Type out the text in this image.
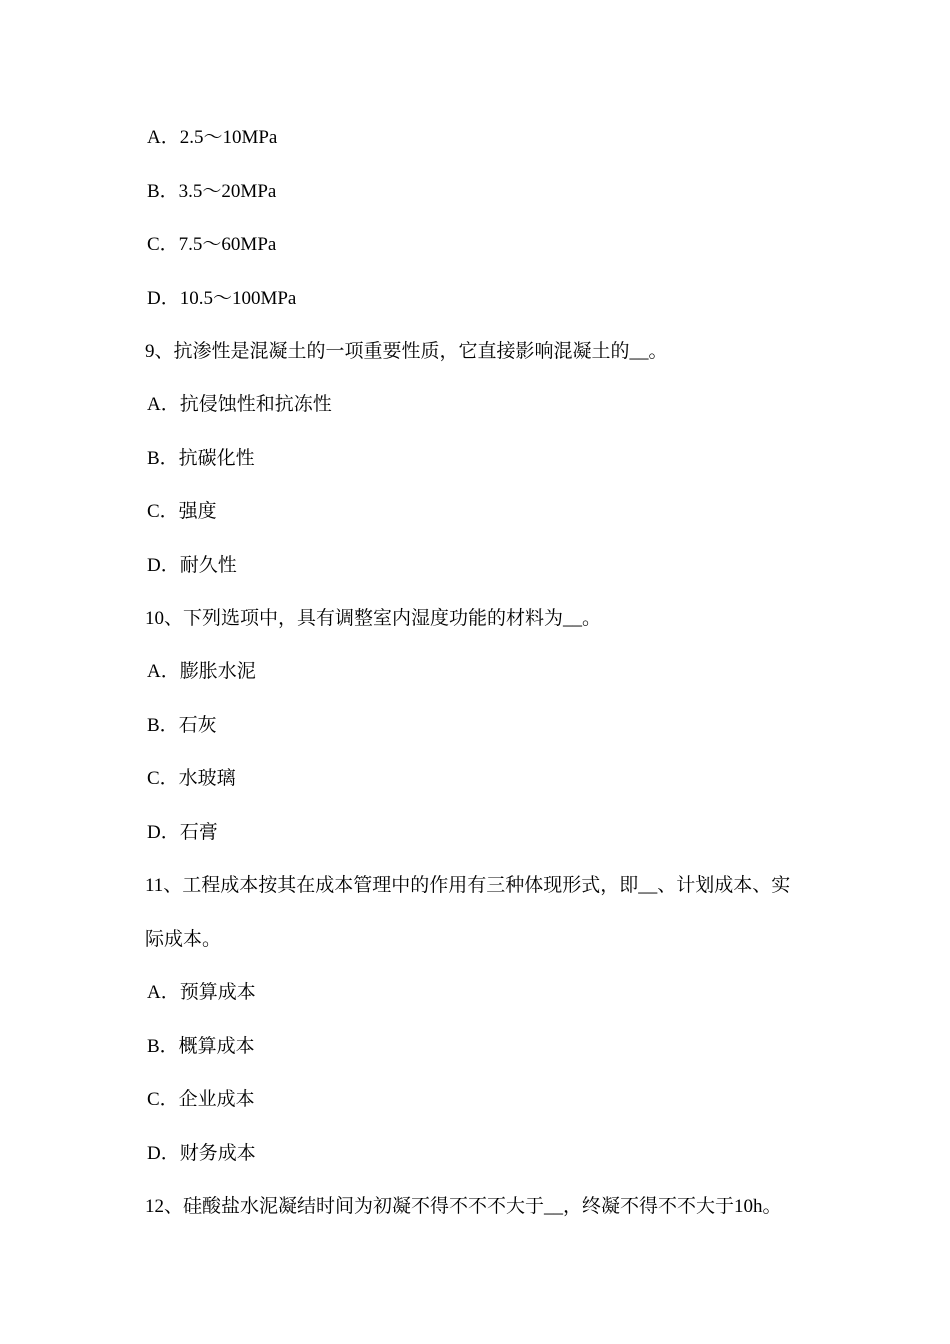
A．2.5～10MPa
B．3.5～20MPa
C．7.5～60MPa
D．10.5～100MPa
9、抗渗性是混凝土的一项重要性质，它直接影响混凝土的__。
A．抗侵蚀性和抗冻性
B．抗碳化性
C．强度
D．耐久性
10、下列选项中，具有调整室内湿度功能的材料为__。
A．膨胀水泥
B．石灰
C．水玻璃
D．石膏
11、工程成本按其在成本管理中的作用有三种体现形式，即__、计划成本、实
际成本。
A．预算成本
B．概算成本
C．企业成本
D．财务成本
12、硅酸盐水泥凝结时间为初凝不得不不不大于__，终凝不得不不大于10h。
